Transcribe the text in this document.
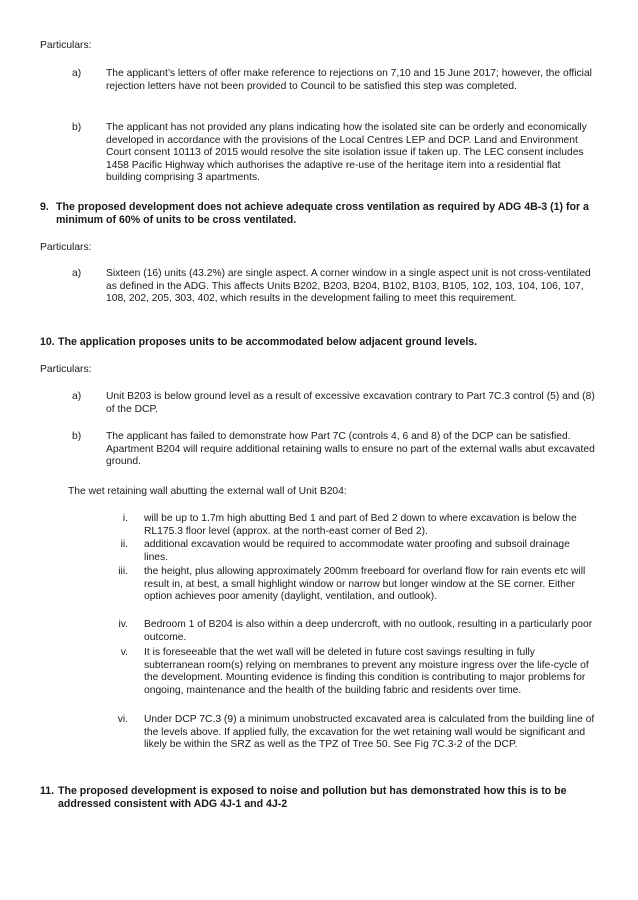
Particulars:
a) The applicant’s letters of offer make reference to rejections on 7,10 and 15 June 2017; however, the official rejection letters have not been provided to Council to be satisfied this step was completed.
b) The applicant has not provided any plans indicating how the isolated site can be orderly and economically developed in accordance with the provisions of the Local Centres LEP and DCP. Land and Environment Court consent 10113 of 2015 would resolve the site isolation issue if taken up. The LEC consent includes 1458 Pacific Highway which authorises the adaptive re-use of the heritage item into a residential flat building comprising 3 apartments.
9. The proposed development does not achieve adequate cross ventilation as required by ADG 4B-3 (1) for a minimum of 60% of units to be cross ventilated.
Particulars:
a) Sixteen (16) units (43.2%) are single aspect. A corner window in a single aspect unit is not cross-ventilated as defined in the ADG. This affects Units B202, B203, B204, B102, B103, B105, 102, 103, 104, 106, 107, 108, 202, 205, 303, 402, which results in the development failing to meet this requirement.
10. The application proposes units to be accommodated below adjacent ground levels.
Particulars:
a) Unit B203 is below ground level as a result of excessive excavation contrary to Part 7C.3 control (5) and (8) of the DCP.
b) The applicant has failed to demonstrate how Part 7C (controls 4, 6 and 8) of the DCP can be satisfied. Apartment B204 will require additional retaining walls to ensure no part of the external walls abut excavated ground.
The wet retaining wall abutting the external wall of Unit B204:
i. will be up to 1.7m high abutting Bed 1 and part of Bed 2 down to where excavation is below the RL175.3 floor level (approx. at the north-east corner of Bed 2).
ii. additional excavation would be required to accommodate water proofing and subsoil drainage lines.
iii. the height, plus allowing approximately 200mm freeboard for overland flow for rain events etc will result in, at best, a small highlight window or narrow but longer window at the SE corner. Either option achieves poor amenity (daylight, ventilation, and outlook).
iv. Bedroom 1 of B204 is also within a deep undercroft, with no outlook, resulting in a particularly poor outcome.
v. It is foreseeable that the wet wall will be deleted in future cost savings resulting in fully subterranean room(s) relying on membranes to prevent any moisture ingress over the life-cycle of the development. Mounting evidence is finding this condition is contributing to major problems for ongoing, maintenance and the health of the building fabric and residents over time.
vi. Under DCP 7C.3 (9) a minimum unobstructed excavated area is calculated from the building line of the levels above. If applied fully, the excavation for the wet retaining wall would be significant and likely be within the SRZ as well as the TPZ of Tree 50. See Fig 7C.3-2 of the DCP.
11. The proposed development is exposed to noise and pollution but has demonstrated how this is to be addressed consistent with ADG 4J-1 and 4J-2
